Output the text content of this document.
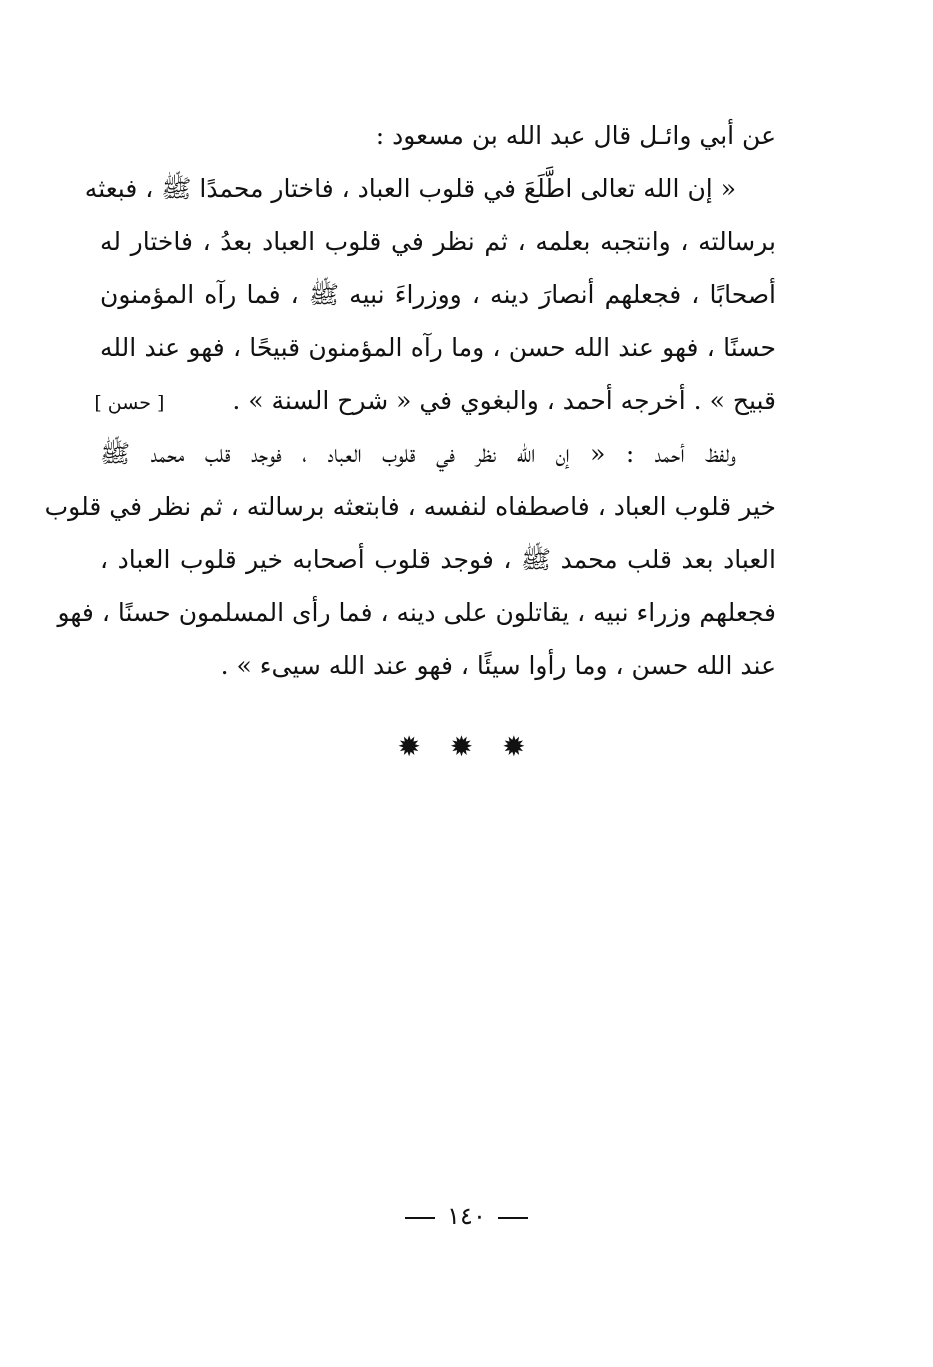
عن أبي وائـل قال عبد الله بن مسعود :
« إن الله تعالى اطَّلَعَ في قلوب العباد ، فاختار محمدًا ﷺ ، فبعثه
برسالته ، وانتجبه بعلمه ، ثم نظر في قلوب العباد بعدُ ، فاختار له
أصحابًا ، فجعلهم أنصارَ دينه ، ووزراءَ نبيه ﷺ ، فما رآه المؤمنون
حسنًا ، فهو عند الله حسن ، وما رآه المؤمنون قبيحًا ، فهو عند الله
قبيح » . أخرجه أحمد ، والبغوي في « شرح السنة » . [ حسن ]
ولفظ أحمد : « إن الله نظر في قلوب العباد ، فوجد قلب محمد ﷺ
خير قلوب العباد ، فاصطفاه لنفسه ، فابتعثه برسالته ، ثم نظر في قلوب
العباد بعد قلب محمد ﷺ ، فوجد قلوب أصحابه خير قلوب العباد ،
فجعلهم وزراء نبيه ، يقاتلون على دينه ، فما رأى المسلمون حسنًا ، فهو
عند الله حسن ، وما رأوا سيئًا ، فهو عند الله سيىء » .
✹ ✹ ✹
١٤٠
